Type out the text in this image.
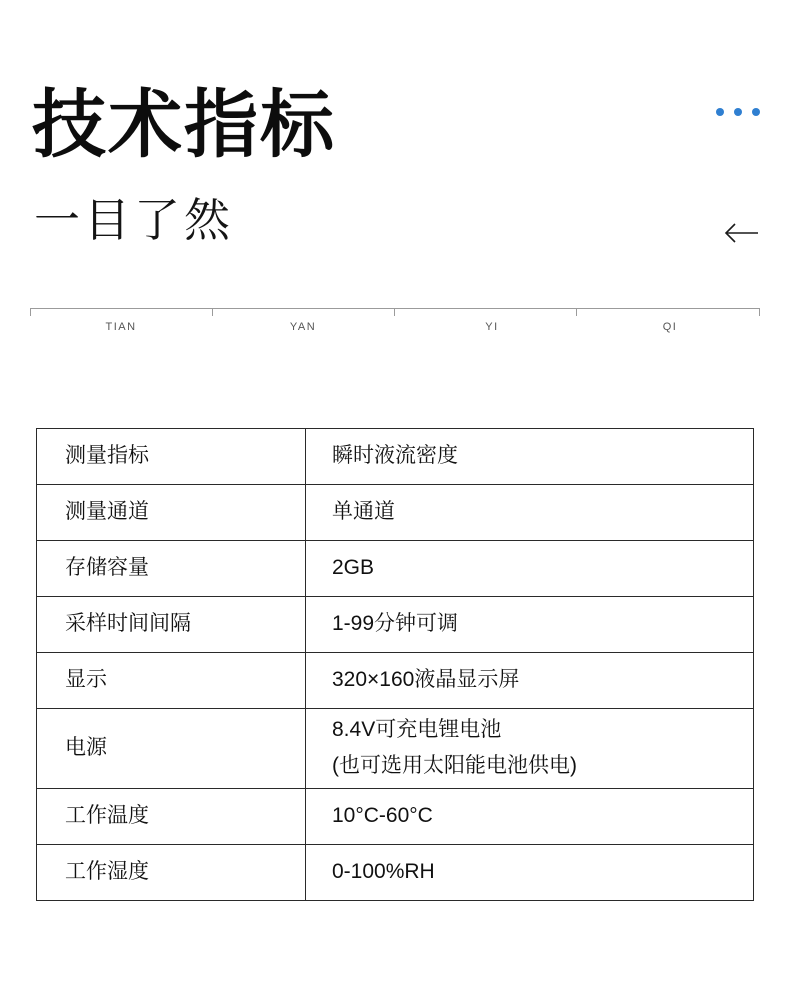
技术指标
一目了然
TIAN	YAN	YI	QI
测量指标	瞬时液流密度
测量通道	单通道
存储容量	2GB
采样时间间隔	1-99分钟可调
显示	320×160液晶显示屏
电源	8.4V可充电锂电池
(也可选用太阳能电池供电)

工作温度	10°C-60°C
工作湿度	0-100%RH
